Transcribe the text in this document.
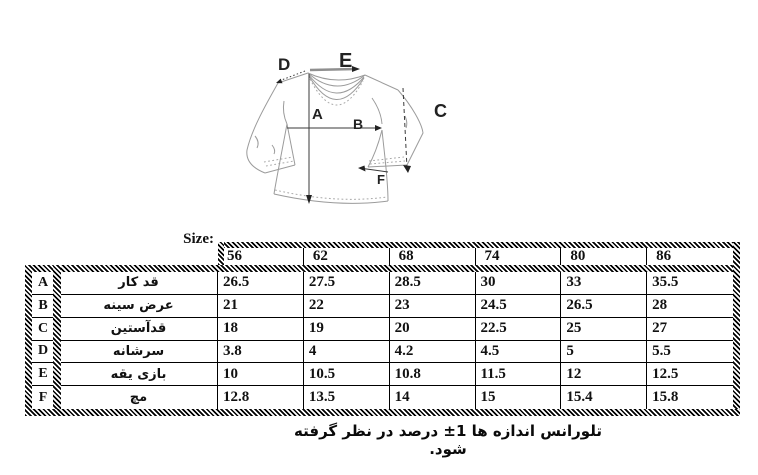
D E
A
B
C
F
Size:
56	62	68	74	80	86
A	قد کار	26.5	27.5	28.5	30	33	35.5
B	عرض سینه	21	22	23	24.5	26.5	28
C	قدآستین	18	19	20	22.5	25	27
D	سرشانه	3.8	4	4.2	4.5	5	5.5
E	بازی یقه	10	10.5	10.8	11.5	12	12.5
F	مچ	12.8	13.5	14	15	15.4	15.8
تلورانس اندازه ها 1± درصد در نظر گرفته شود.
